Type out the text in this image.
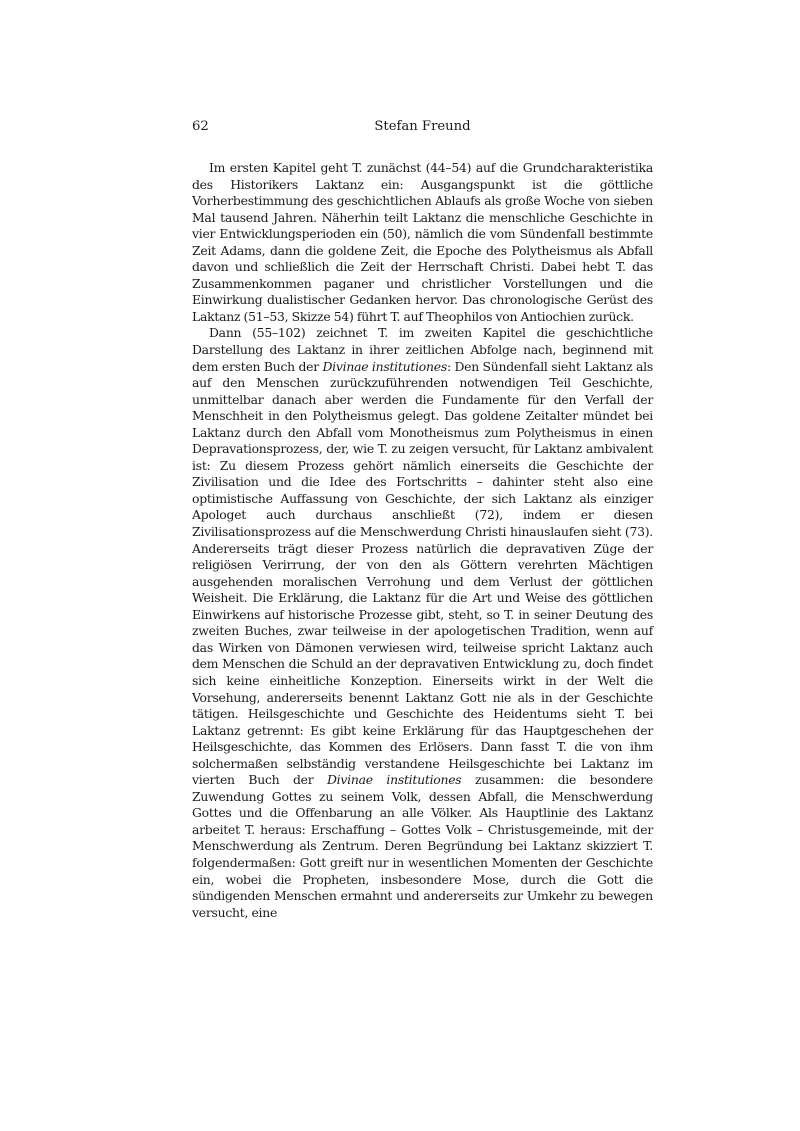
62	Stefan Freund

Im ersten Kapitel geht T. zunächst (44–54) auf die Grundcharakteristika des Historikers Laktanz ein: Ausgangspunkt ist die göttliche Vorherbestimmung des geschichtlichen Ablaufs als große Woche von sieben Mal tausend Jahren. Näherhin teilt Laktanz die menschliche Geschichte in vier Entwicklungsperioden ein (50), nämlich die vom Sündenfall bestimmte Zeit Adams, dann die goldene Zeit, die Epoche des Polytheismus als Abfall davon und schließlich die Zeit der Herrschaft Christi. Dabei hebt T. das Zusammenkommen paganer und christlicher Vorstellungen und die Einwirkung dualistischer Gedanken hervor. Das chronologische Gerüst des Laktanz (51–53, Skizze 54) führt T. auf Theophilos von Antiochien zurück.

Dann (55–102) zeichnet T. im zweiten Kapitel die geschichtliche Darstellung des Laktanz in ihrer zeitlichen Abfolge nach, beginnend mit dem ersten Buch der Divinae institutiones: Den Sündenfall sieht Laktanz als auf den Menschen zurückzuführenden notwendigen Teil Geschichte, unmittelbar danach aber werden die Fundamente für den Verfall der Menschheit in den Polytheismus gelegt. Das goldene Zeitalter mündet bei Laktanz durch den Abfall vom Monotheismus zum Polytheismus in einen Depravationsprozess, der, wie T. zu zeigen versucht, für Laktanz ambivalent ist: Zu diesem Prozess gehört nämlich einerseits die Geschichte der Zivilisation und die Idee des Fortschritts – dahinter steht also eine optimistische Auffassung von Geschichte, der sich Laktanz als einziger Apologet auch durchaus anschließt (72), indem er diesen Zivilisationsprozess auf die Menschwerdung Christi hinauslaufen sieht (73). Andererseits trägt dieser Prozess natürlich die depravativen Züge der religiösen Verirrung, der von den als Göttern verehrten Mächtigen ausgehenden moralischen Verrohung und dem Verlust der göttlichen Weisheit. Die Erklärung, die Laktanz für die Art und Weise des göttlichen Einwirkens auf historische Prozesse gibt, steht, so T. in seiner Deutung des zweiten Buches, zwar teilweise in der apologetischen Tradition, wenn auf das Wirken von Dämonen verwiesen wird, teilweise spricht Laktanz auch dem Menschen die Schuld an der depravativen Entwicklung zu, doch findet sich keine einheitliche Konzeption. Einerseits wirkt in der Welt die Vorsehung, andererseits benennt Laktanz Gott nie als in der Geschichte tätigen. Heilsgeschichte und Geschichte des Heidentums sieht T. bei Laktanz getrennt: Es gibt keine Erklärung für das Hauptgeschehen der Heilsgeschichte, das Kommen des Erlösers. Dann fasst T. die von ihm solchermaßen selbständig verstandene Heilsgeschichte bei Laktanz im vierten Buch der Divinae institutiones zusammen: die besondere Zuwendung Gottes zu seinem Volk, dessen Abfall, die Menschwerdung Gottes und die Offenbarung an alle Völker. Als Hauptlinie des Laktanz arbeitet T. heraus: Erschaffung – Gottes Volk – Christusgemeinde, mit der Menschwerdung als Zentrum. Deren Begründung bei Laktanz skizziert T. folgendermaßen: Gott greift nur in wesentlichen Momenten der Geschichte ein, wobei die Propheten, insbesondere Mose, durch die Gott die sündigenden Menschen ermahnt und andererseits zur Umkehr zu bewegen versucht, eine
